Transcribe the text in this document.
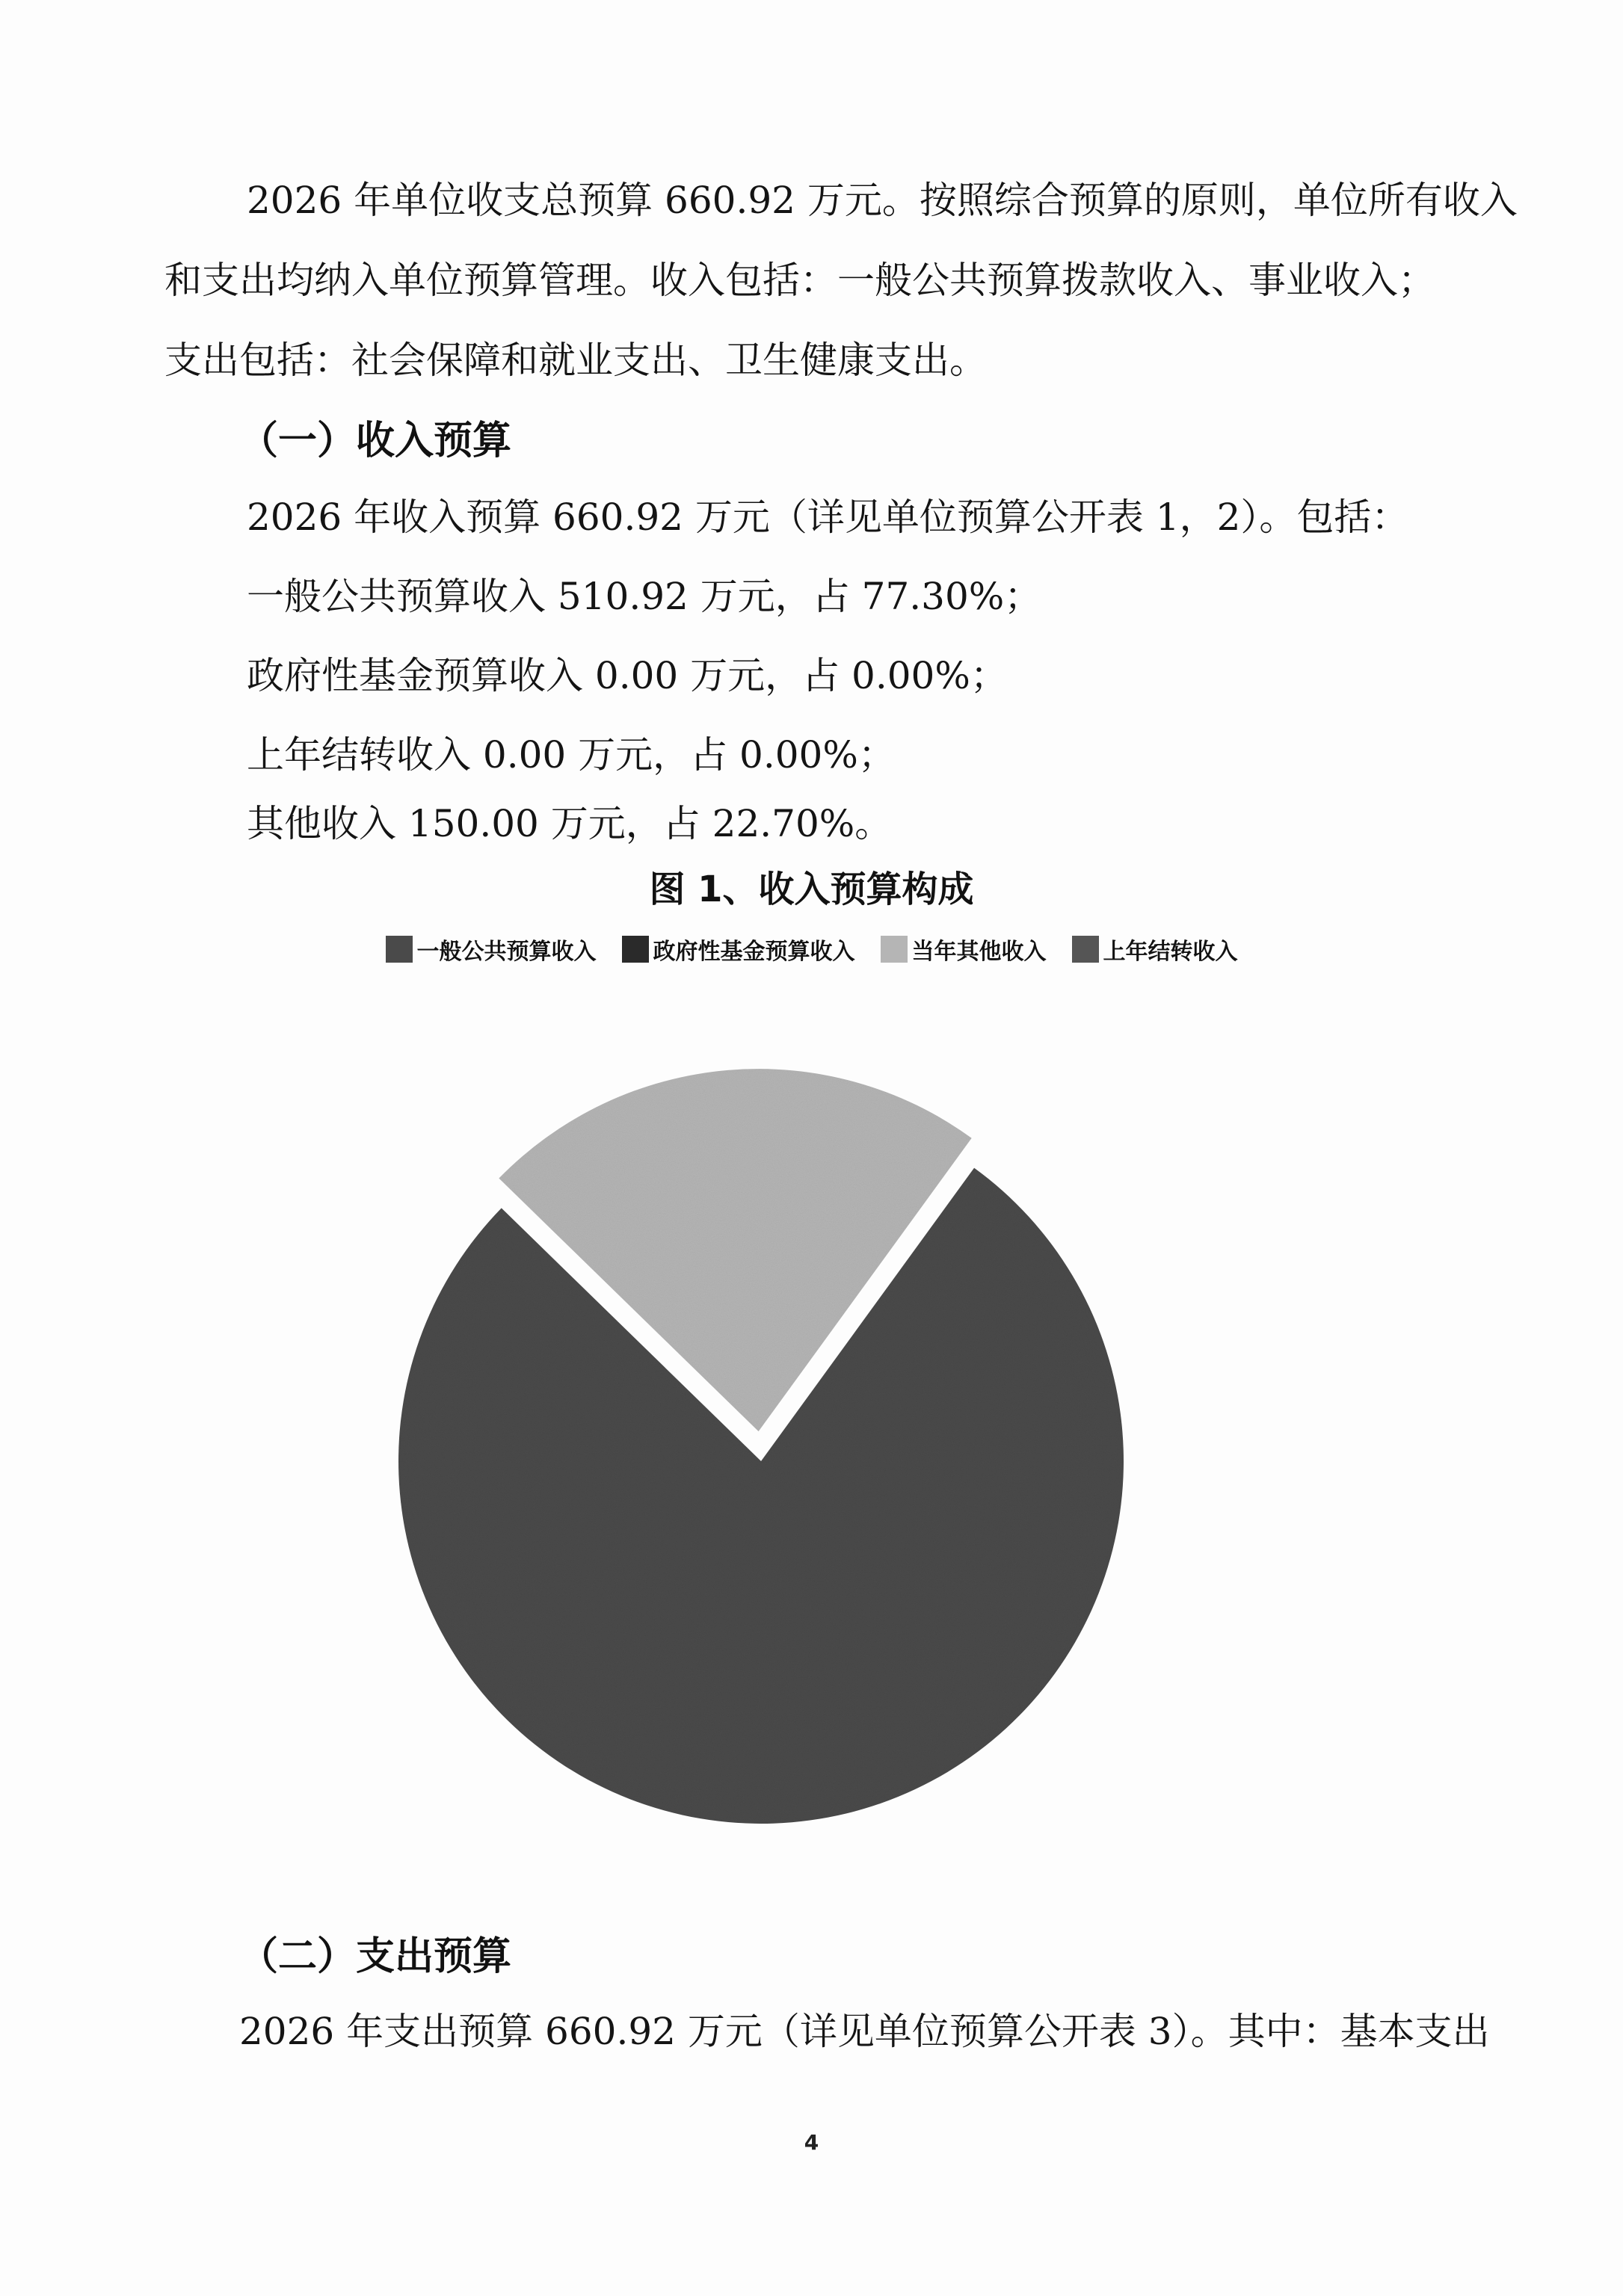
2026 年单位收支总预算 660.92 万元。按照综合预算的原则，单位所有收入
和支出均纳入单位预算管理。收入包括：一般公共预算拨款收入、事业收入；
支出包括：社会保障和就业支出、卫生健康支出。
（一）收入预算
2026 年收入预算 660.92 万元（详见单位预算公开表 1，2）。包括：
一般公共预算收入 510.92 万元，占 77.30%；
政府性基金预算收入 0.00 万元，占 0.00%；
上年结转收入 0.00 万元，占 0.00%；
其他收入 150.00 万元，占 22.70%。
图 1、收入预算构成
一般公共预算收入	政府性基金预算收入	当年其他收入	上年结转收入
（二）支出预算
2026 年支出预算 660.92 万元（详见单位预算公开表 3）。其中：基本支出
4
